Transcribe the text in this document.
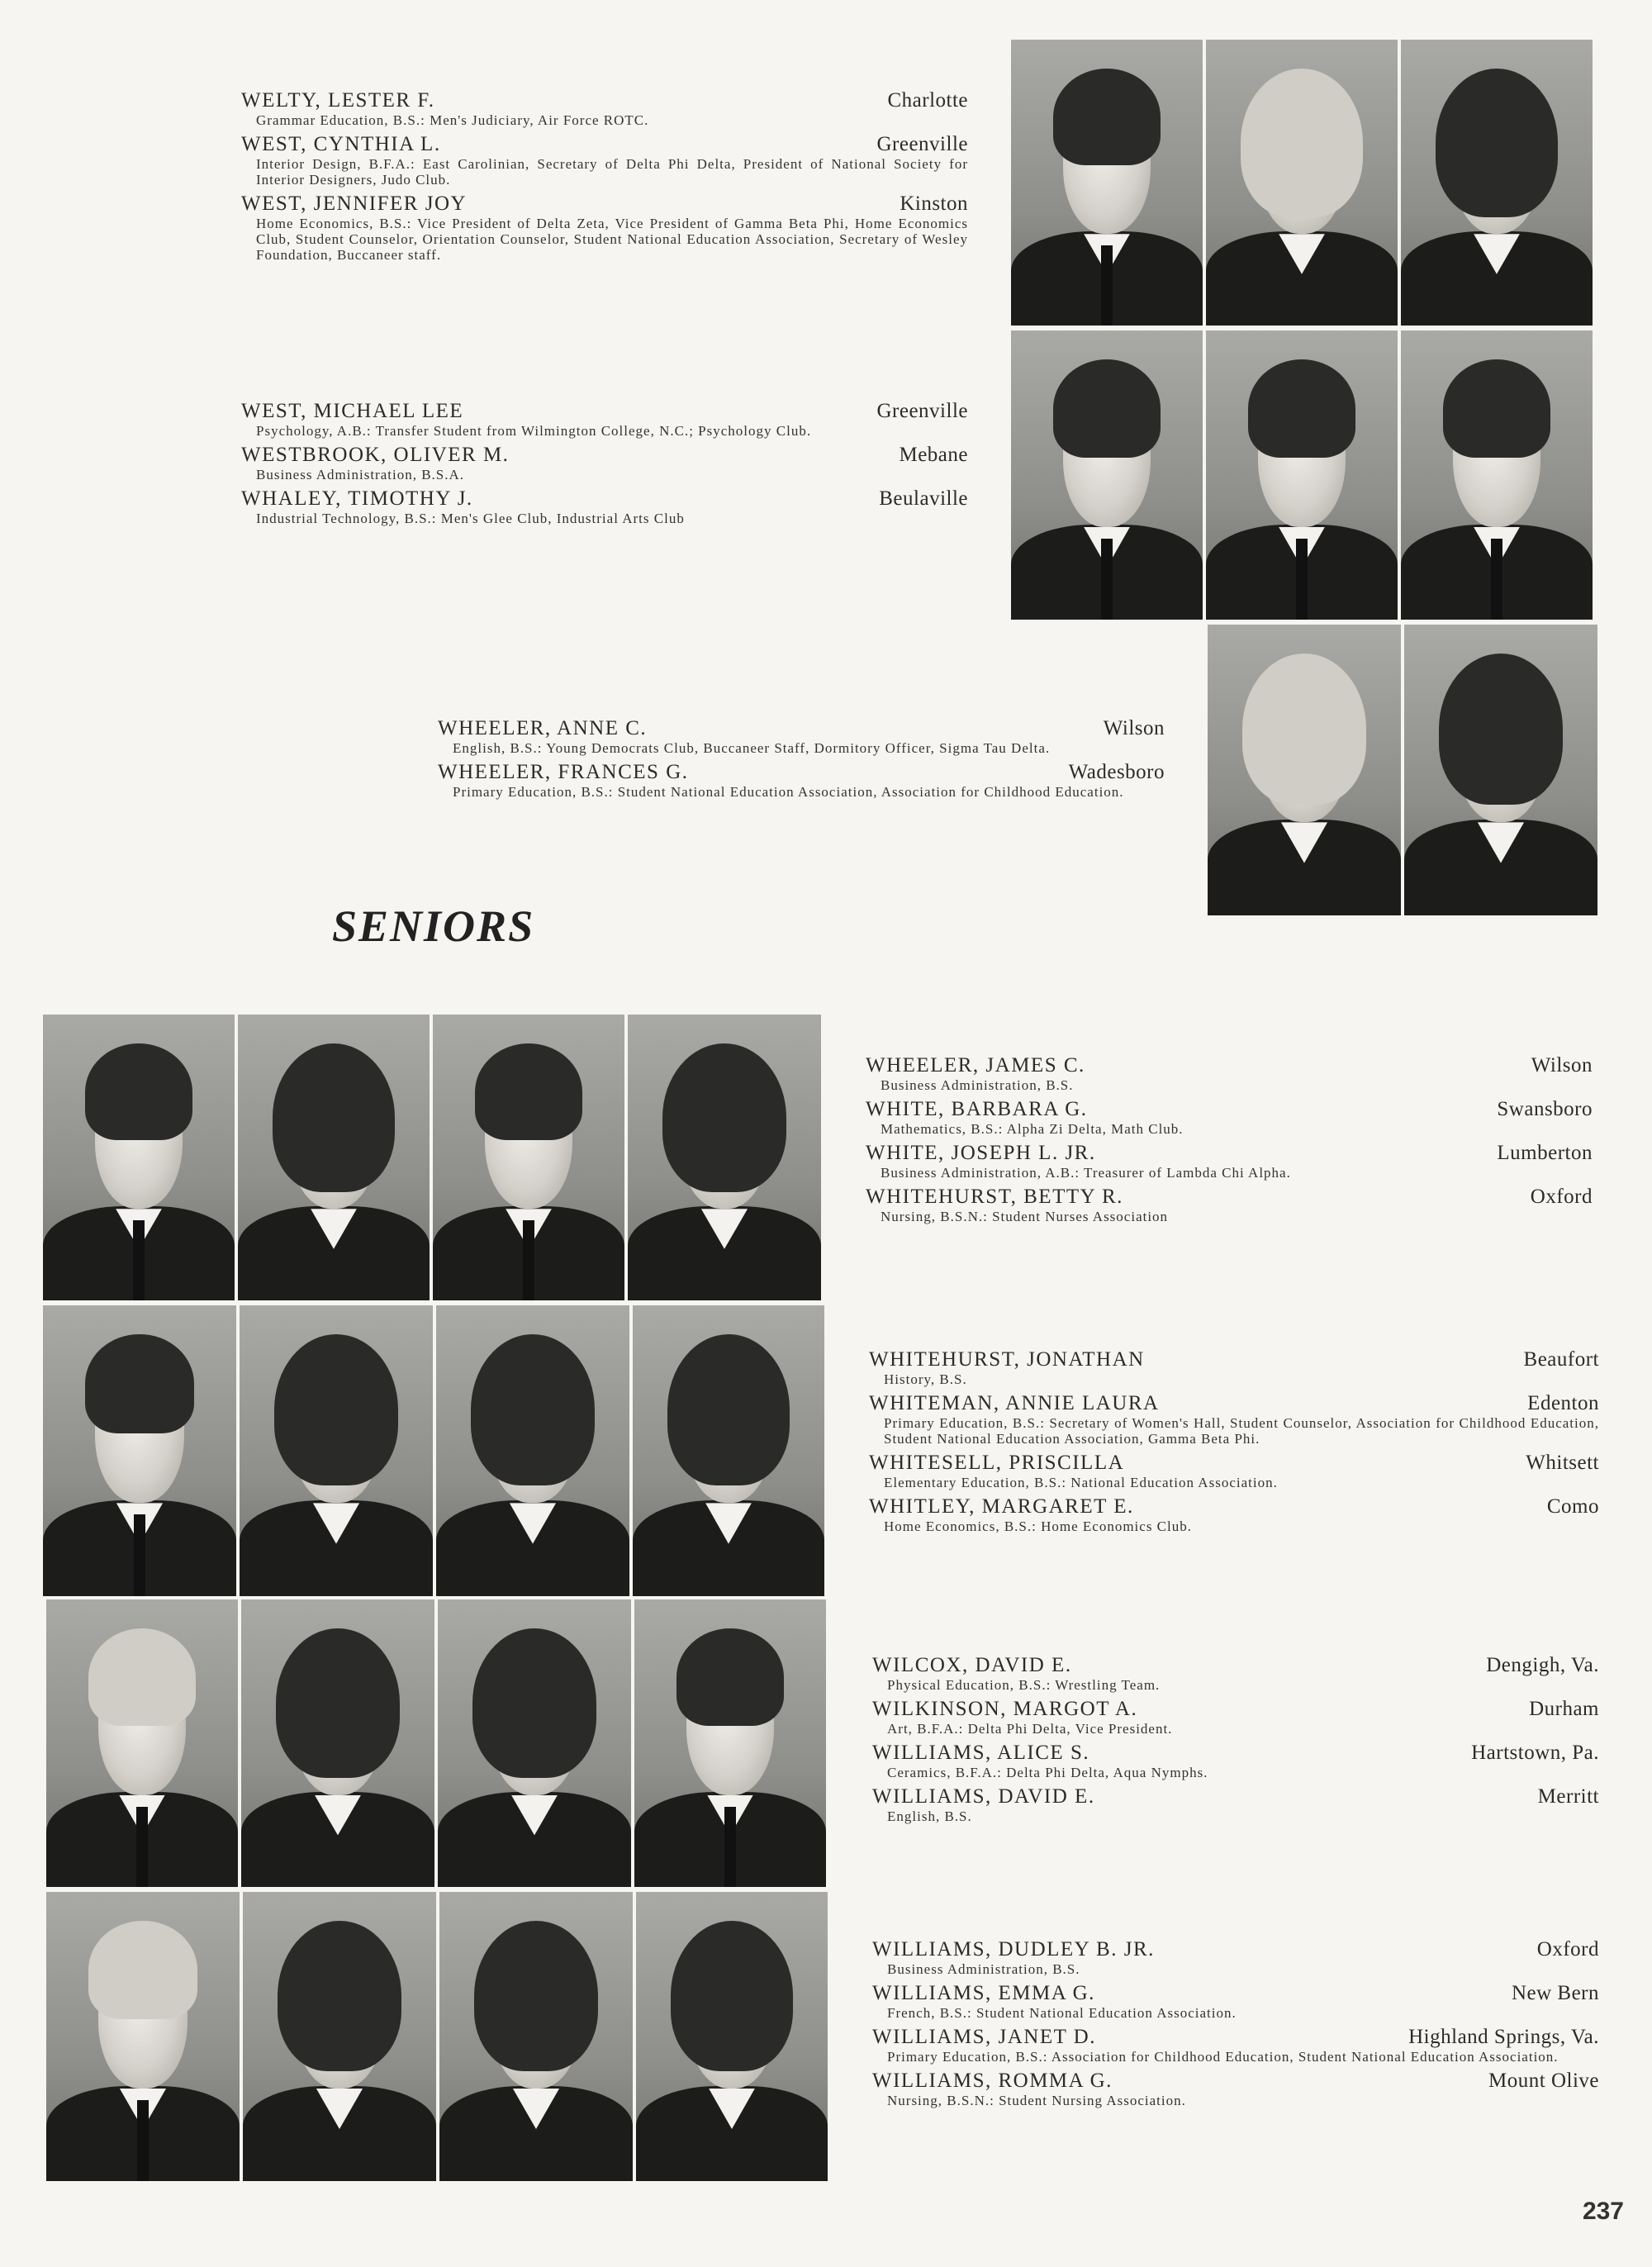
WELTY, LESTER F.	Charlotte
Grammar Education, B.S.: Men's Judiciary, Air Force ROTC.
WEST, CYNTHIA L.	Greenville
Interior Design, B.F.A.: East Carolinian, Secretary of Delta Phi Delta, President of National Society for Interior Designers, Judo Club.
WEST, JENNIFER JOY	Kinston
Home Economics, B.S.: Vice President of Delta Zeta, Vice President of Gamma Beta Phi, Home Economics Club, Student Counselor, Orientation Counselor, Student National Education Association, Secretary of Wesley Foundation, Buccaneer staff.
WEST, MICHAEL LEE	Greenville
Psychology, A.B.: Transfer Student from Wilmington College, N.C.; Psychology Club.
WESTBROOK, OLIVER M.	Mebane
Business Administration, B.S.A.
WHALEY, TIMOTHY J.	Beulaville
Industrial Technology, B.S.: Men's Glee Club, Industrial Arts Club
WHEELER, ANNE C.	Wilson
English, B.S.: Young Democrats Club, Buccaneer Staff, Dormitory Officer, Sigma Tau Delta.
WHEELER, FRANCES G.	Wadesboro
Primary Education, B.S.: Student National Education Association, Association for Childhood Education.
SENIORS
WHEELER, JAMES C.	Wilson
Business Administration, B.S.
WHITE, BARBARA G.	Swansboro
Mathematics, B.S.: Alpha Zi Delta, Math Club.
WHITE, JOSEPH L. JR.	Lumberton
Business Administration, A.B.: Treasurer of Lambda Chi Alpha.
WHITEHURST, BETTY R.	Oxford
Nursing, B.S.N.: Student Nurses Association
WHITEHURST, JONATHAN	Beaufort
History, B.S.
WHITEMAN, ANNIE LAURA	Edenton
Primary Education, B.S.: Secretary of Women's Hall, Student Counselor, Association for Childhood Education, Student National Education Association, Gamma Beta Phi.
WHITESELL, PRISCILLA	Whitsett
Elementary Education, B.S.: National Education Association.
WHITLEY, MARGARET E.	Como
Home Economics, B.S.: Home Economics Club.
WILCOX, DAVID E.	Dengigh, Va.
Physical Education, B.S.: Wrestling Team.
WILKINSON, MARGOT A.	Durham
Art, B.F.A.: Delta Phi Delta, Vice President.
WILLIAMS, ALICE S.	Hartstown, Pa.
Ceramics, B.F.A.: Delta Phi Delta, Aqua Nymphs.
WILLIAMS, DAVID E.	Merritt
English, B.S.
WILLIAMS, DUDLEY B. JR.	Oxford
Business Administration, B.S.
WILLIAMS, EMMA G.	New Bern
French, B.S.: Student National Education Association.
WILLIAMS, JANET D.	Highland Springs, Va.
Primary Education, B.S.: Association for Childhood Education, Student National Education Association.
WILLIAMS, ROMMA G.	Mount Olive
Nursing, B.S.N.: Student Nursing Association.
237
